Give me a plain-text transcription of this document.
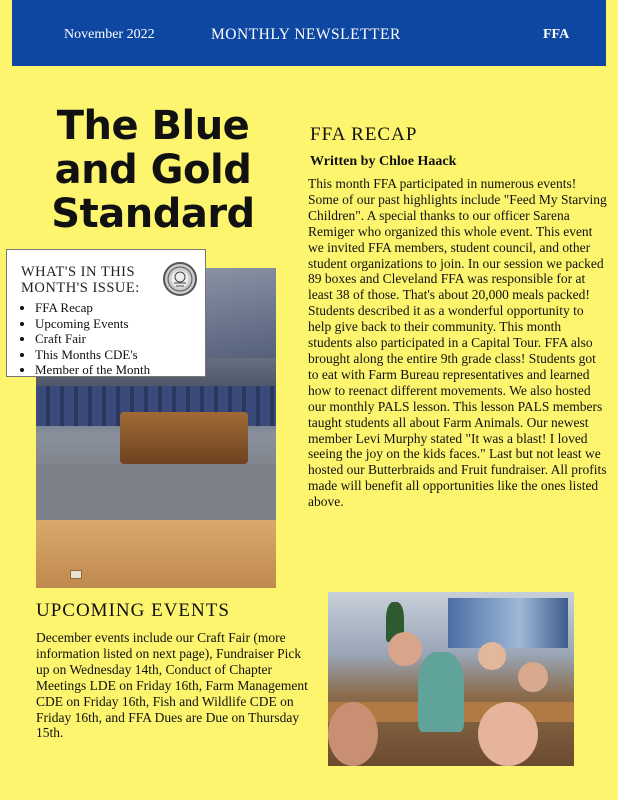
November 2022	MONTHLY NEWSLETTER	FFA
The Blue
and Gold
Standard
WHAT'S IN THIS MONTH'S ISSUE:
• FFA Recap
• Upcoming Events
• Craft Fair
• This Months CDE's
• Member of the Month
FFA RECAP
Written by Chloe Haack
This month FFA participated in numerous events! Some of our past highlights include "Feed My Starving Children". A special thanks to our officer Sarena Remiger who organized this whole event. This event we invited FFA members, student council, and other student organizations to join. In our session we packed 89 boxes and Cleveland FFA was responsible for at least 38 of those. That's about 20,000 meals packed! Students described it as a wonderful opportunity to help give back to their community. This month students also participated in a Capital Tour. FFA also brought along the entire 9th grade class! Students got to eat with Farm Bureau representatives and learned how to reenact different movements. We also hosted our monthly PALS lesson. This lesson PALS members taught students all about Farm Animals. Our newest member Levi Murphy stated "It was a blast! I loved seeing the joy on the kids faces." Last but not least we hosted our Butterbraids and Fruit fundraiser. All profits made will benefit all opportunities like the ones listed above.
UPCOMING EVENTS
December events include our Craft Fair (more information listed on next page), Fundraiser Pick up on Wednesday 14th, Conduct of Chapter Meetings LDE on Friday 16th, Farm Management CDE on Friday 16th, Fish and Wildlife CDE on Friday 16th, and FFA Dues are Due on Thursday 15th.
